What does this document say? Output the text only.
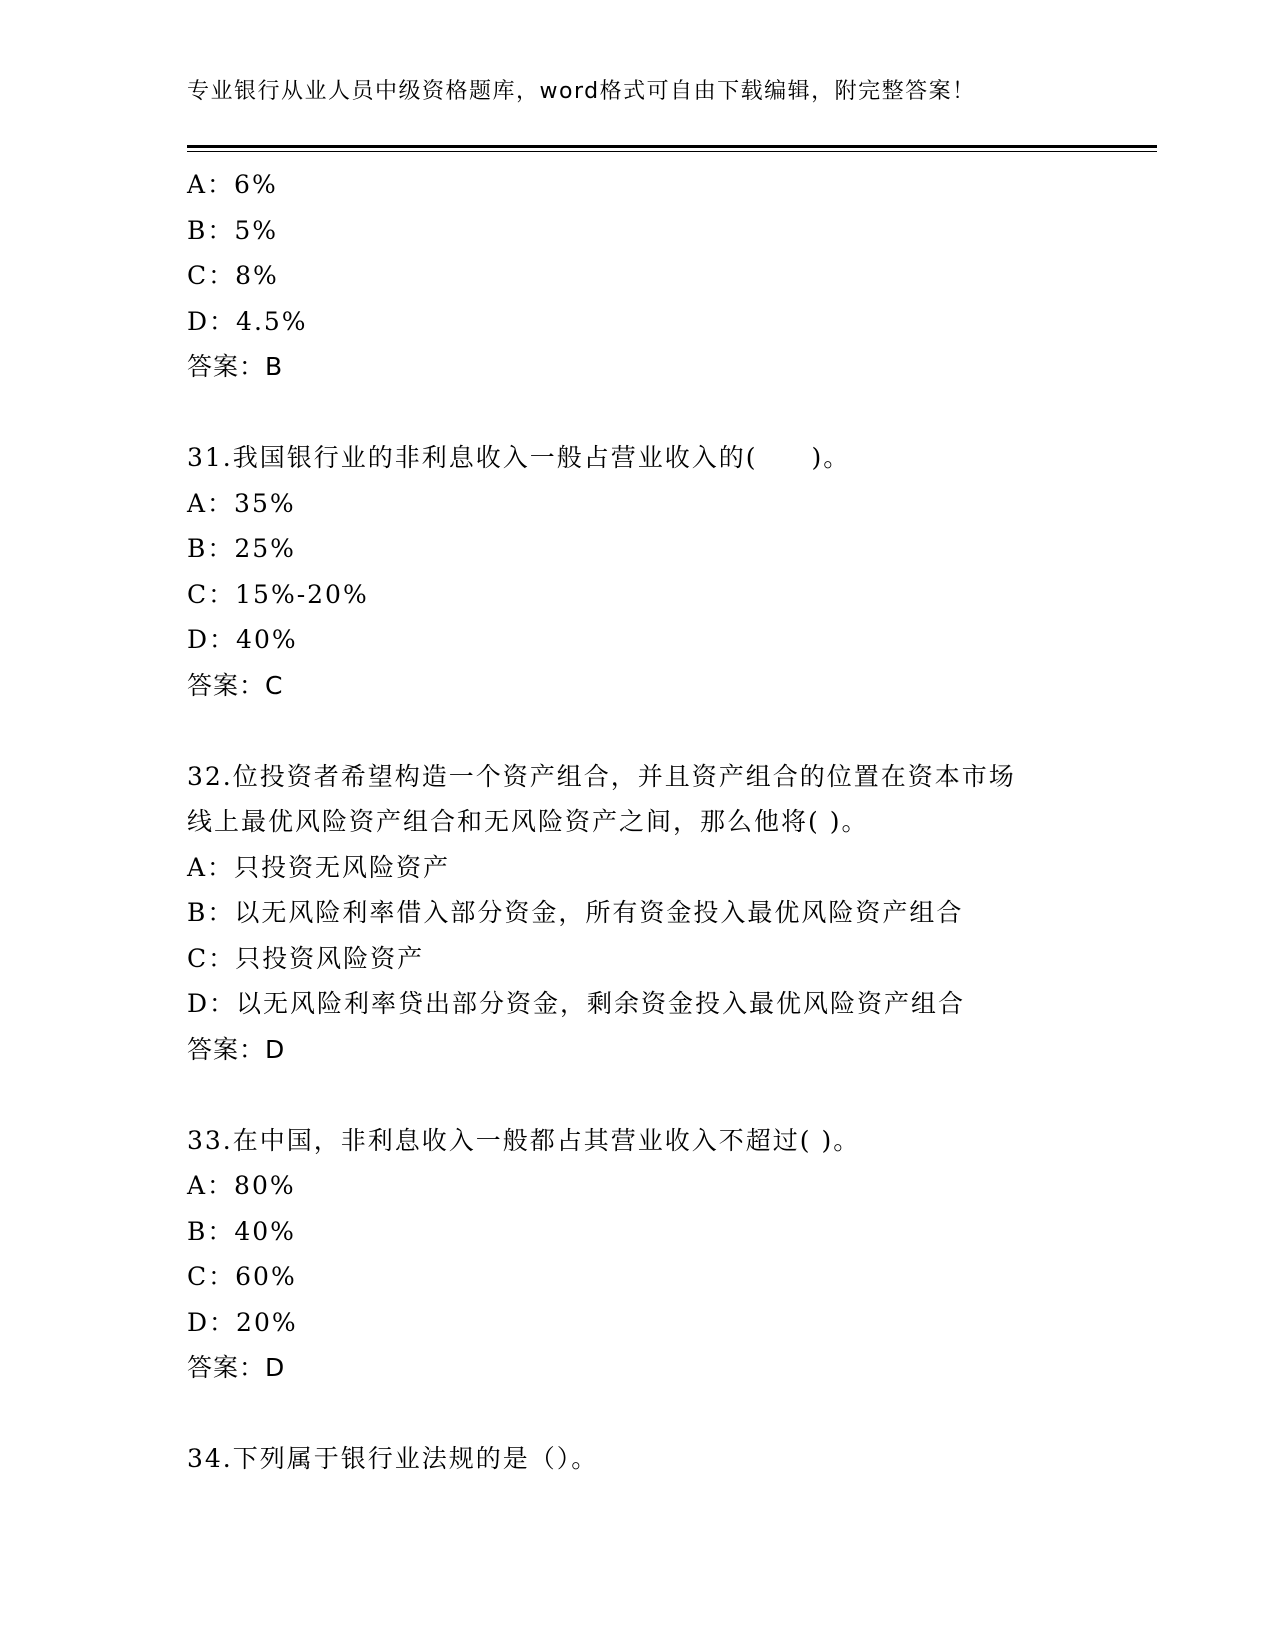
专业银行从业人员中级资格题库，word格式可自由下载编辑，附完整答案！
A：6%
B：5%
C：8%
D：4.5%
答案：B
31.我国银行业的非利息收入一般占营业收入的(　　)。
A：35%
B：25%
C：15%-20%
D：40%
答案：C
32.位投资者希望构造一个资产组合，并且资产组合的位置在资本市场
线上最优风险资产组合和无风险资产之间，那么他将( )。
A：只投资无风险资产
B：以无风险利率借入部分资金，所有资金投入最优风险资产组合
C：只投资风险资产
D：以无风险利率贷出部分资金，剩余资金投入最优风险资产组合
答案：D
33.在中国，非利息收入一般都占其营业收入不超过( )。
A：80%
B：40%
C：60%
D：20%
答案：D
34.下列属于银行业法规的是（）。
